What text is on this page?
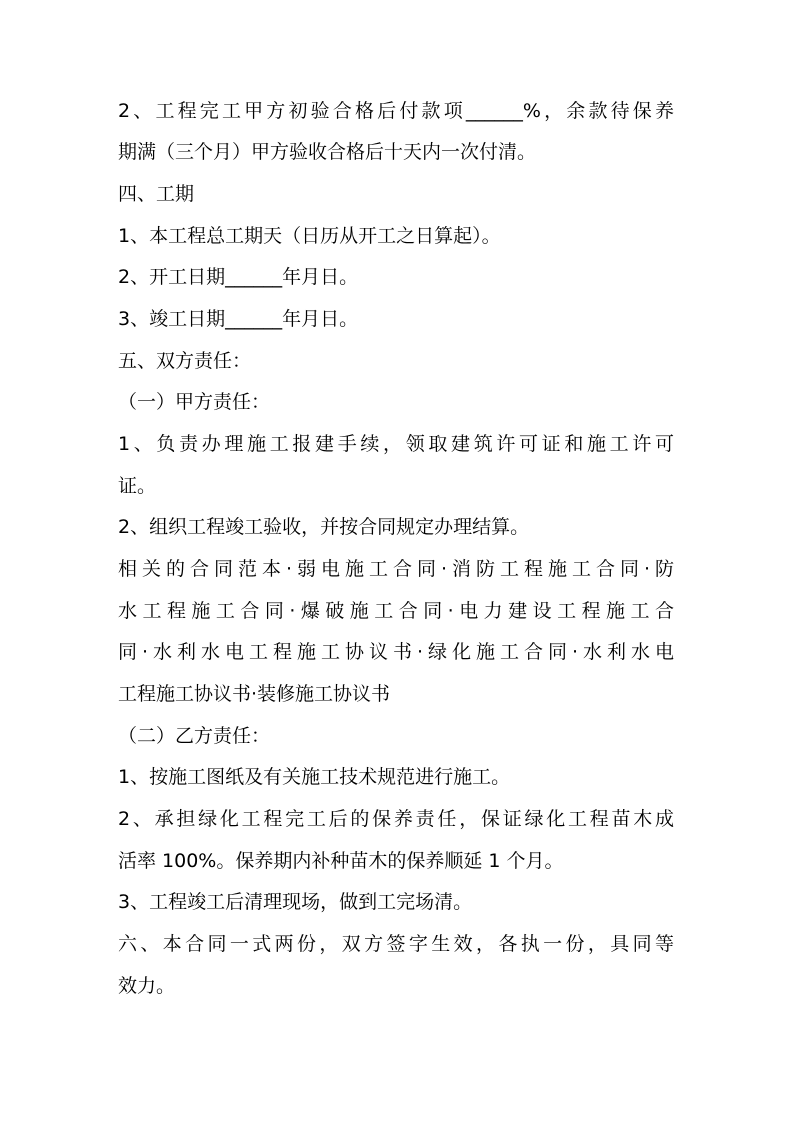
2、工程完工甲方初验合格后付款项______%，余款待保养
期满（三个月）甲方验收合格后十天内一次付清。
四、工期
1、本工程总工期天（日历从开工之日算起）。
2、开工日期______年月日。
3、竣工日期______年月日。
五、双方责任：
（一）甲方责任：
1、负责办理施工报建手续，领取建筑许可证和施工许可
证。
2、组织工程竣工验收，并按合同规定办理结算。
相关的合同范本·弱电施工合同·消防工程施工合同·防
水工程施工合同·爆破施工合同·电力建设工程施工合
同·水利水电工程施工协议书·绿化施工合同·水利水电
工程施工协议书·装修施工协议书
（二）乙方责任：
1、按施工图纸及有关施工技术规范进行施工。
2、承担绿化工程完工后的保养责任，保证绿化工程苗木成
活率 100%。保养期内补种苗木的保养顺延 1 个月。
3、工程竣工后清理现场，做到工完场清。
六、本合同一式两份，双方签字生效，各执一份，具同等
效力。
